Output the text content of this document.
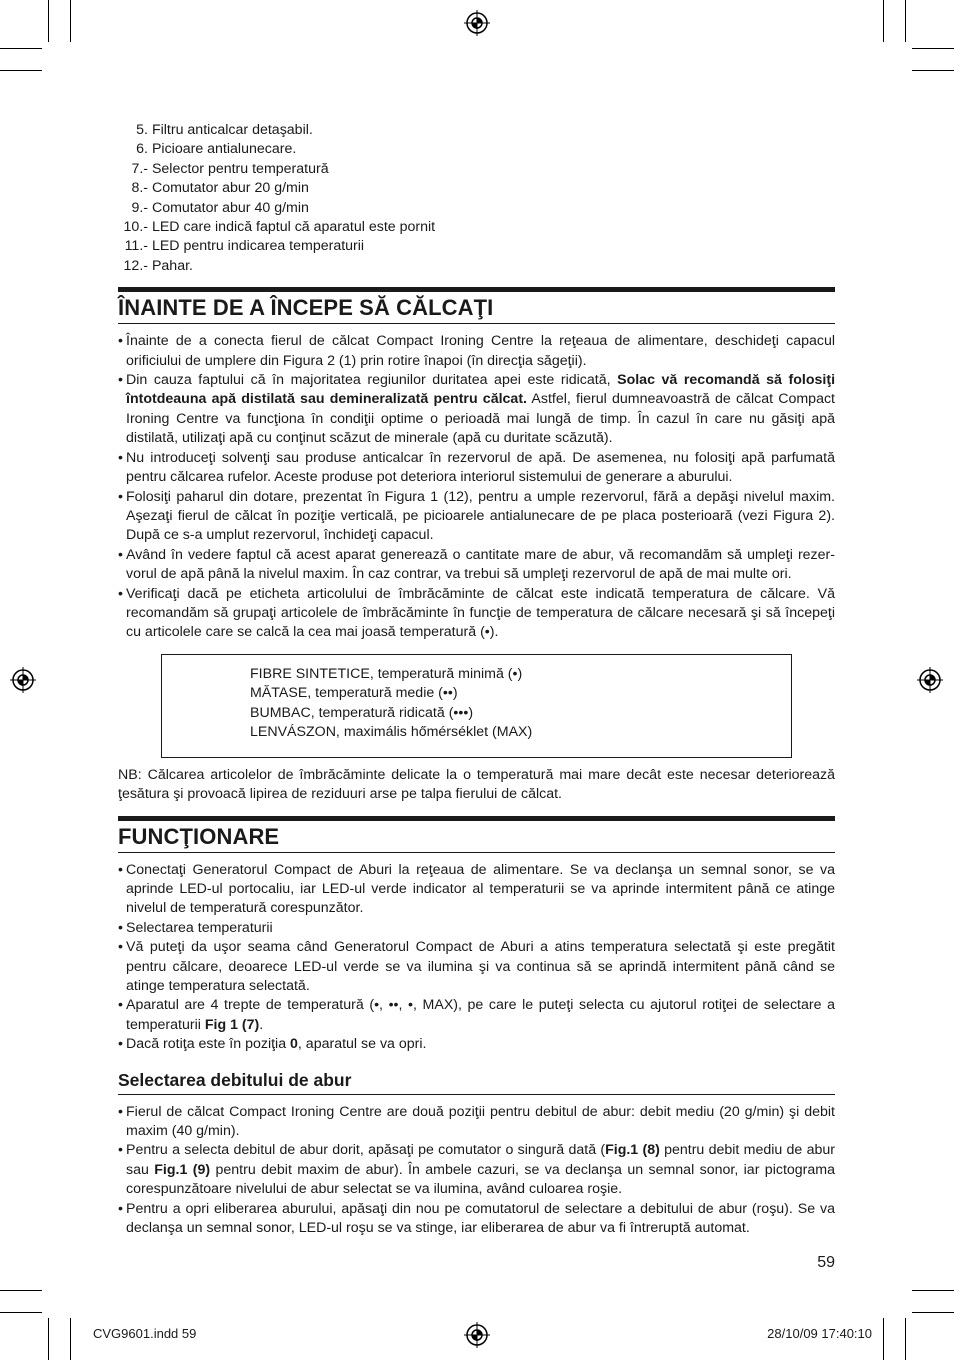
5.
Filtru anticalcar detaşabil.
6.
Picioare antialunecare.
7.-
Selector pentru temperatură
8.-
Comutator abur 20 g/min
9.-
Comutator abur 40 g/min
10.-
LED care indică faptul că aparatul este pornit
11.-
LED pentru indicarea temperaturii
12.-
Pahar.
ÎNAINTE DE A ÎNCEPE SĂ CĂLCAŢI
• Înainte de a conecta fierul de călcat Compact Ironing Centre la reţeaua de alimentare, deschideţi capacul orificiului de umplere din Figura 2 (1) prin rotire înapoi (în direcţia săgeţii).
• Din cauza faptului că în majoritatea regiunilor duritatea apei este ridicată, Solac vă recomandă să folosiţi întotdeauna apă distilată sau demineralizată pentru călcat. Astfel, fierul dumneavoastră de călcat Compact Ironing Centre va funcţiona în condiţii optime o perioadă mai lungă de timp. În cazul în care nu găsiţi apă distilată, utilizaţi apă cu conţinut scăzut de minerale (apă cu duritate scăzută).
• Nu introduceţi solvenţi sau produse anticalcar în rezervorul de apă. De asemenea, nu folosiţi apă parfumată pentru călcarea rufelor. Aceste produse pot deteriora interiorul sistemului de generare a aburului.
• Folosiţi paharul din dotare, prezentat în Figura 1 (12), pentru a umple rezervorul, fără a depăşi nivelul maxim. Aşezaţi fierul de călcat în poziţie verticală, pe picioarele antialunecare de pe placa posterioară (vezi Figura 2). După ce s-a umplut rezervorul, închideţi capacul.
• Având în vedere faptul că acest aparat generează o cantitate mare de abur, vă recomandăm să umpleţi rezer-vorul de apă până la nivelul maxim. În caz contrar, va trebui să umpleţi rezervorul de apă de mai multe ori.
• Verificaţi dacă pe eticheta articolului de îmbrăcăminte de călcat este indicată temperatura de călcare. Vă recomandăm să grupaţi articolele de îmbrăcăminte în funcţie de temperatura de călcare necesară şi să începeţi cu articolele care se calcă la cea mai joasă temperatură (•).
FIBRE SINTETICE, temperatură minimă (•)
MĂTASE, temperatură medie (••)
BUMBAC, temperatură ridicată (•••)
LENVÁSZON, maximális hőmérséklet (MAX)

NB: Călcarea articolelor de îmbrăcăminte delicate la o temperatură mai mare decât este necesar deteriorează ţesătura şi provoacă lipirea de reziduuri arse pe talpa fierului de călcat.

FUNCŢIONARE
• Conectaţi Generatorul Compact de Aburi la reţeaua de alimentare. Se va declanşa un semnal sonor, se va aprinde LED-ul portocaliu, iar LED-ul verde indicator al temperaturii se va aprinde intermitent până ce atinge nivelul de temperatură corespunzător.
• Selectarea temperaturii
• Vă puteţi da uşor seama când Generatorul Compact de Aburi a atins temperatura selectată şi este pregătit pentru călcare, deoarece LED-ul verde se va ilumina şi va continua să se aprindă intermitent până când se atinge temperatura selectată.
• Aparatul are 4 trepte de temperatură (•, ••, •, MAX), pe care le puteţi selecta cu ajutorul rotiţei de selectare a temperaturii Fig 1 (7).
• Dacă rotiţa este în poziţia 0, aparatul se va opri.
Selectarea debitului de abur
• Fierul de călcat Compact Ironing Centre are două poziţii pentru debitul de abur: debit mediu (20 g/min) şi debit maxim (40 g/min).
• Pentru a selecta debitul de abur dorit, apăsaţi pe comutator o singură dată (Fig.1 (8) pentru debit mediu de abur sau Fig.1 (9) pentru debit maxim de abur). În ambele cazuri, se va declanşa un semnal sonor, iar pictograma corespunzătoare nivelului de abur selectat se va ilumina, având culoarea roşie.
• Pentru a opri eliberarea aburului, apăsaţi din nou pe comutatorul de selectare a debitului de abur (roşu). Se va declanşa un semnal sonor, LED-ul roşu se va stinge, iar eliberarea de abur va fi întreruptă automat.
59
CVG9601.indd 59	28/10/09 17:40:10
